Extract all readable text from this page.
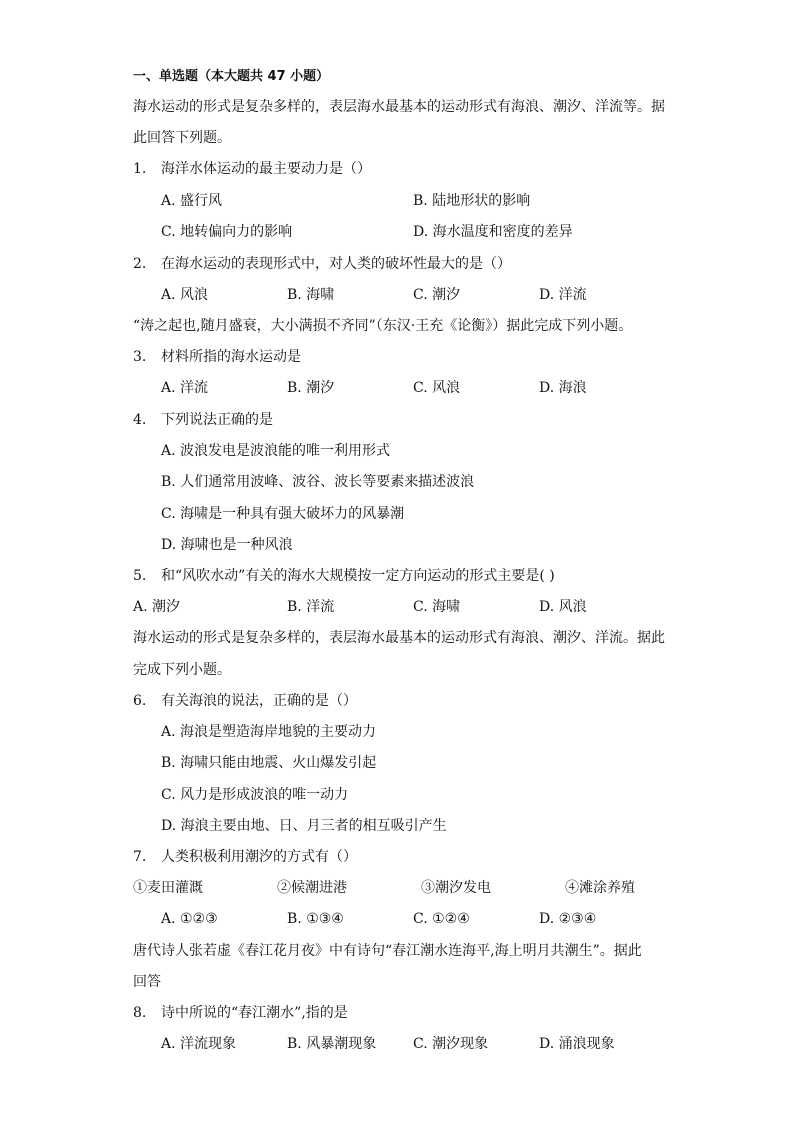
一、单选题（本大题共 47 小题）
海水运动的形式是复杂多样的，表层海水最基本的运动形式有海浪、潮汐、洋流等。据
此回答下列题。
1. 海洋水体运动的最主要动力是（）
A. 盛行风	B. 陆地形状的影响
C. 地转偏向力的影响	D. 海水温度和密度的差异
2. 在海水运动的表现形式中，对人类的破坏性最大的是（）
A. 风浪	B. 海啸	C. 潮汐	D. 洋流
“涛之起也,随月盛衰，大小满损不齐同”（东汉·王充《论衡》）据此完成下列小题。
3. 材料所指的海水运动是
A. 洋流	B. 潮汐	C. 风浪	D. 海浪
4. 下列说法正确的是
A. 波浪发电是波浪能的唯一利用形式
B. 人们通常用波峰、波谷、波长等要素来描述波浪
C. 海啸是一种具有强大破坏力的风暴潮
D. 海啸也是一种风浪
5. 和“风吹水动”有关的海水大规模按一定方向运动的形式主要是( )
A. 潮汐	B. 洋流	C. 海啸	D. 风浪
海水运动的形式是复杂多样的，表层海水最基本的运动形式有海浪、潮汐、洋流。据此
完成下列小题。
6. 有关海浪的说法，正确的是（）
A. 海浪是塑造海岸地貌的主要动力
B. 海啸只能由地震、火山爆发引起
C. 风力是形成波浪的唯一动力
D. 海浪主要由地、日、月三者的相互吸引产生
7. 人类积极利用潮汐的方式有（）
①麦田灌溉	②候潮进港	③潮汐发电	④滩涂养殖
A. ①②③	B. ①③④	C. ①②④	D. ②③④
唐代诗人张若虚《春江花月夜》中有诗句“春江潮水连海平,海上明月共潮生”。据此
回答
8. 诗中所说的“春江潮水”,指的是
A. 洋流现象	B. 风暴潮现象	C. 潮汐现象	D. 涌浪现象
